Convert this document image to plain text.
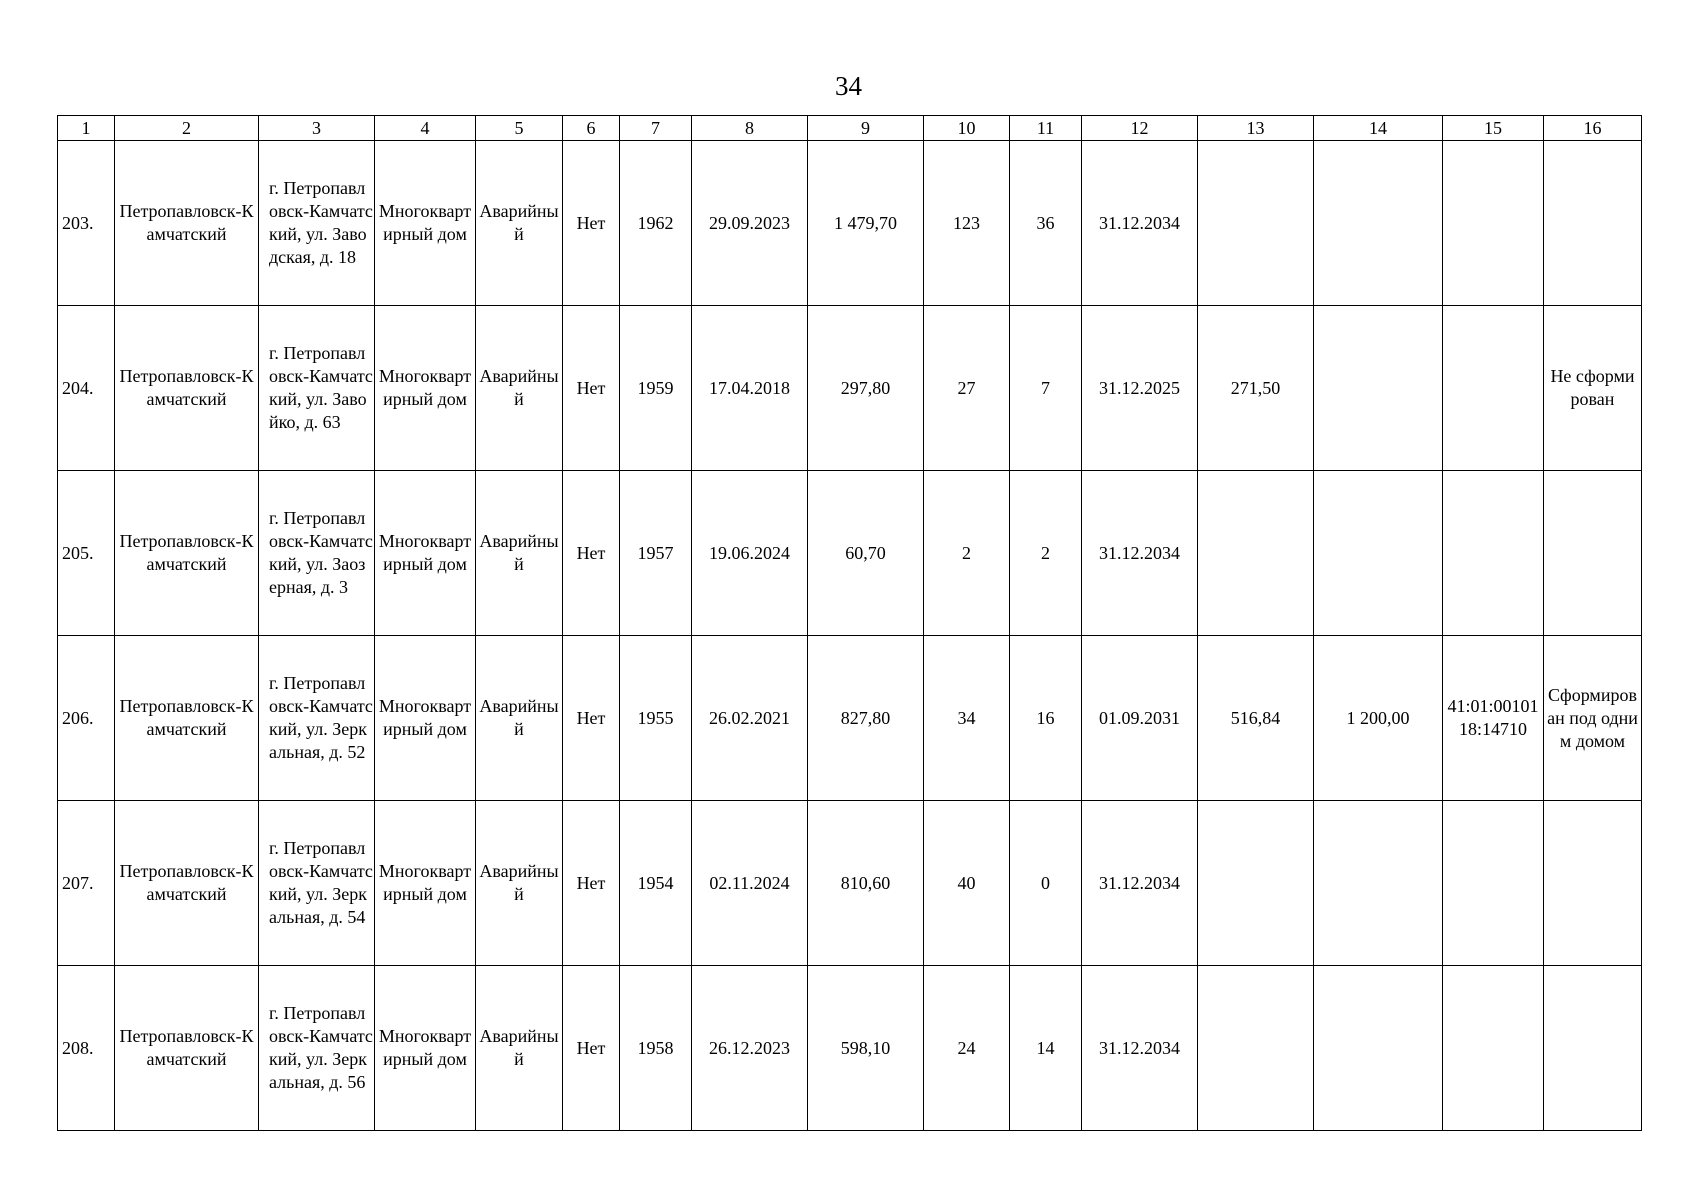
34
1	2	3	4	5	6	7	8	9	10	11	12	13	14	15	16
203.	Петропавловск-Камчатский	г. Петропавловск-Камчатский, ул. Заводская, д. 18	Многоквартирный дом	Аварийный	Нет	1962	29.09.2023	1 479,70	123	36	31.12.2034				
204.	Петропавловск-Камчатский	г. Петропавловск-Камчатский, ул. Завойко, д. 63	Многоквартирный дом	Аварийный	Нет	1959	17.04.2018	297,80	27	7	31.12.2025	271,50			Не сформирован
205.	Петропавловск-Камчатский	г. Петропавловск-Камчатский, ул. Заозерная, д. 3	Многоквартирный дом	Аварийный	Нет	1957	19.06.2024	60,70	2	2	31.12.2034				
206.	Петропавловск-Камчатский	г. Петропавловск-Камчатский, ул. Зеркальная, д. 52	Многоквартирный дом	Аварийный	Нет	1955	26.02.2021	827,80	34	16	01.09.2031	516,84	1 200,00	41:01:0010118:14710	Сформирован под одним домом
207.	Петропавловск-Камчатский	г. Петропавловск-Камчатский, ул. Зеркальная, д. 54	Многоквартирный дом	Аварийный	Нет	1954	02.11.2024	810,60	40	0	31.12.2034				
208.	Петропавловск-Камчатский	г. Петропавловск-Камчатский, ул. Зеркальная, д. 56	Многоквартирный дом	Аварийный	Нет	1958	26.12.2023	598,10	24	14	31.12.2034				
